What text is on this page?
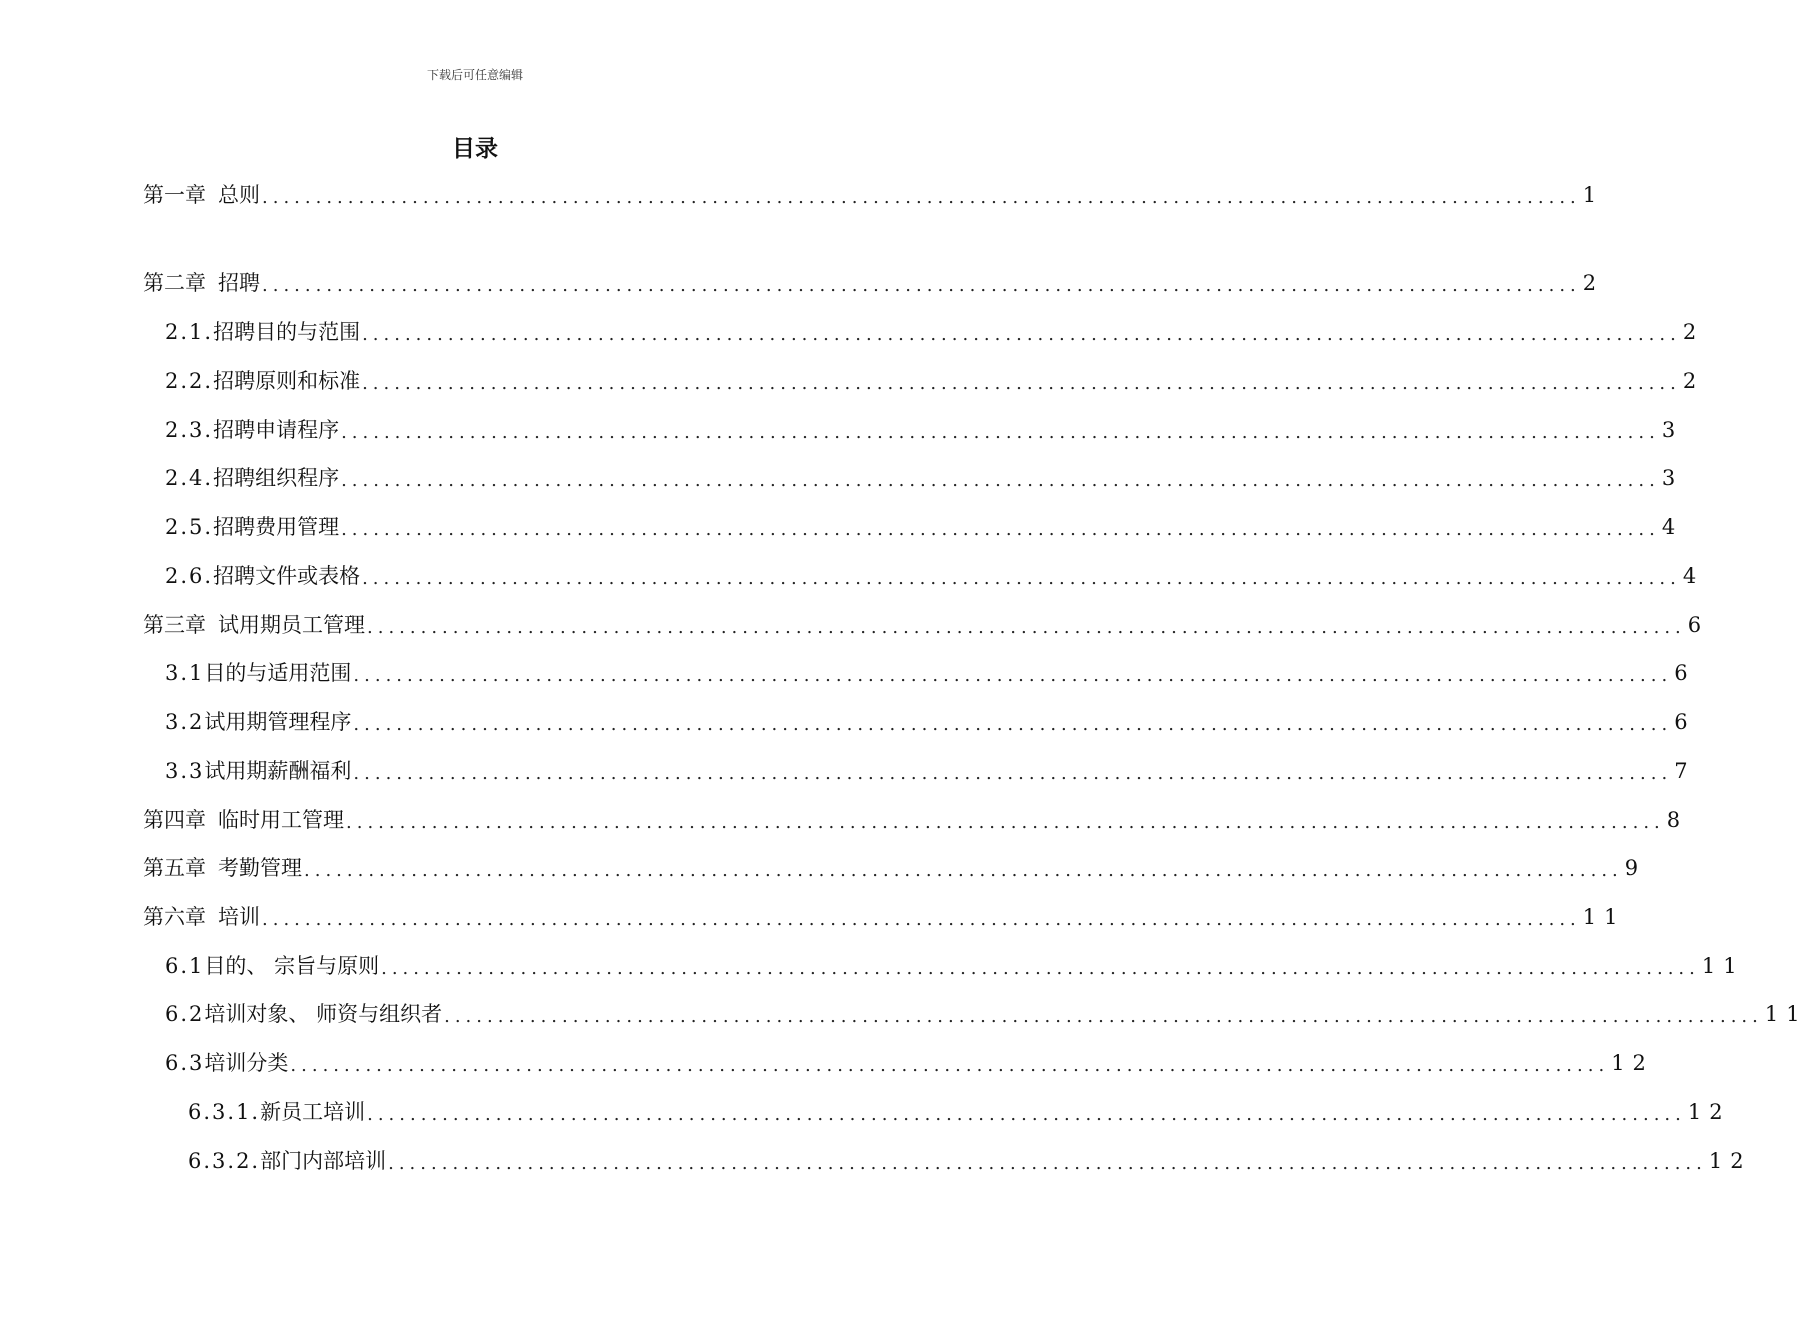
下载后可任意编辑
目录
第一章 总则 ........................................................................................................................... 1
第二章 招聘 ........................................................................................................................... 2
2.1. 招聘目的与范围 ........................................................................................................................... 2
2.2. 招聘原则和标准 ........................................................................................................................... 2
2.3. 招聘申请程序 ........................................................................................................................... 3
2.4. 招聘组织程序 ........................................................................................................................... 3
2.5. 招聘费用管理 ........................................................................................................................... 4
2.6. 招聘文件或表格 ........................................................................................................................... 4
第三章 试用期员工管理 ........................................................................................................................... 6
3.1 目的与适用范围 ........................................................................................................................... 6
3.2 试用期管理程序 ........................................................................................................................... 6
3.3 试用期薪酬福利 ........................................................................................................................... 7
第四章 临时用工管理 ........................................................................................................................... 8
第五章 考勤管理 ........................................................................................................................... 9
第六章 培训 ........................................................................................................................... 11
6.1 目的、 宗旨与原则 ........................................................................................................................... 11
6.2 培训对象、 师资与组织者 ........................................................................................................................... 11
6.3 培训分类 ........................................................................................................................... 12
6.3.1. 新员工培训 ........................................................................................................................... 12
6.3.2. 部门内部培训 ........................................................................................................................... 12
